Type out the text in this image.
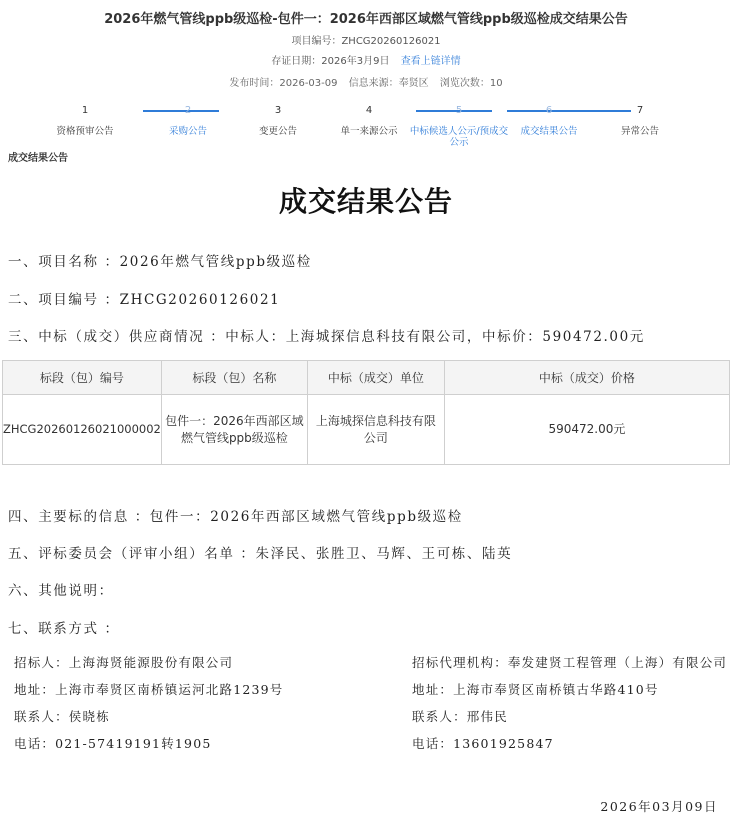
2026年燃气管线ppb级巡检-包件一：2026年西部区域燃气管线ppb级巡检成交结果公告
项目编号：ZHCG20260126021
存证日期：2026年3月9日 查看上链详情
发布时间：2026-03-09 信息来源：奉贤区 浏览次数：10
1
资格预审公告
2
采购公告
3
变更公告
4
单一来源公示
5
中标候选人公示/预成交公示
6
成交结果公告
7
异常公告
成交结果公告
成交结果公告
一、项目名称 ：2026年燃气管线ppb级巡检
二、项目编号 ：ZHCG20260126021
三、中标（成交）供应商情况 ：中标人：上海城探信息科技有限公司，中标价：590472.00元
标段（包）编号	标段（包）名称	中标（成交）单位	中标（成交）价格
ZHCG20260126021000002	包件一：2026年西部区域燃气管线ppb级巡检	上海城探信息科技有限公司	590472.00元
四、主要标的信息 ：包件一：2026年西部区域燃气管线ppb级巡检
五、评标委员会（评审小组）名单 ：朱泽民、张胜卫、马辉、王可栋、陆英
六、其他说明：
七、联系方式 ：
招标人：上海海贤能源股份有限公司
地址：上海市奉贤区南桥镇运河北路1239号
联系人：侯晓栋
电话：021-57419191转1905
招标代理机构：奉发建贤工程管理（上海）有限公司
地址：上海市奉贤区南桥镇古华路410号
联系人：邢伟民
电话：13601925847
2026年03月09日
